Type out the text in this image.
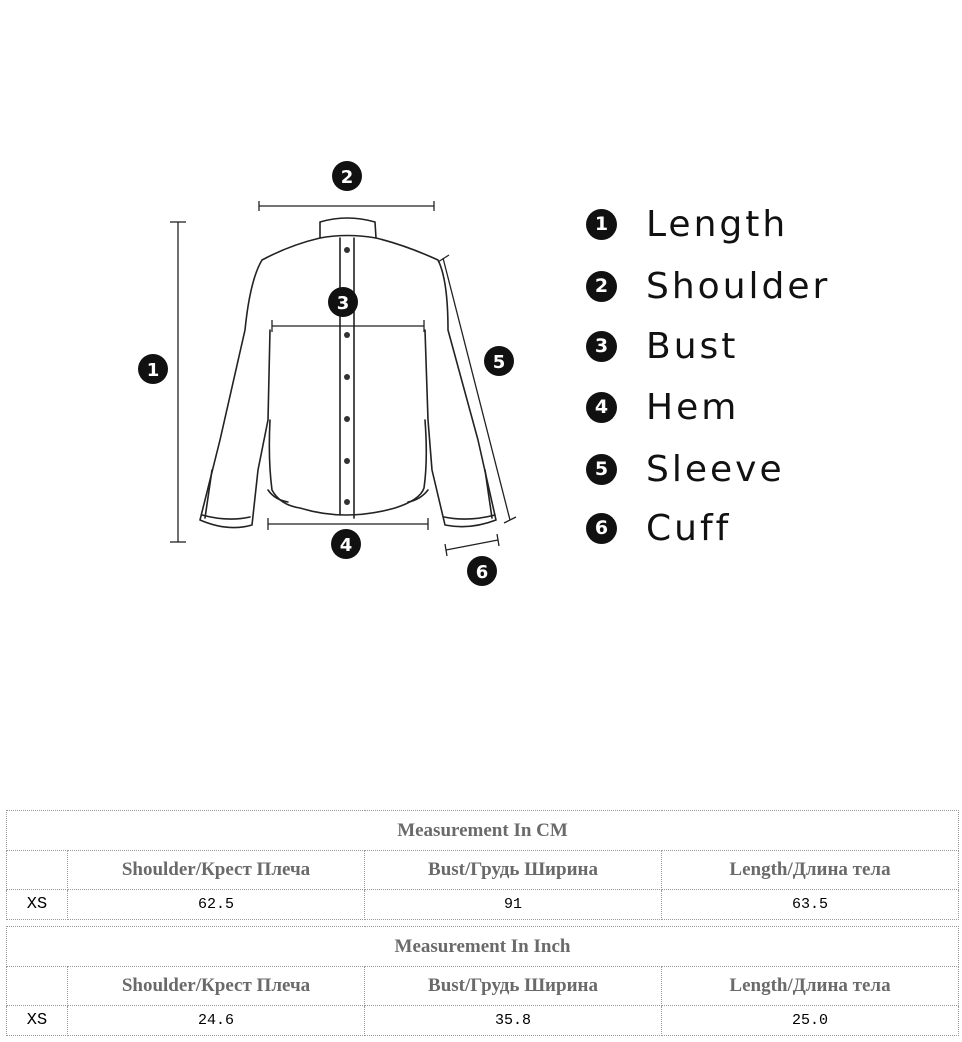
1
2
3
4
5
6
1 Length
2 Shoulder
3 Bust
4 Hem
5 Sleeve
6 Cuff
Measurement In CM			
	Shoulder/Крест Плеча	Bust/Грудь Ширина	Length/Длина тела
XS	62.5	91	63.5
Measurement In Inch			
	Shoulder/Крест Плеча	Bust/Грудь Ширина	Length/Длина тела
XS	24.6	35.8	25.0
